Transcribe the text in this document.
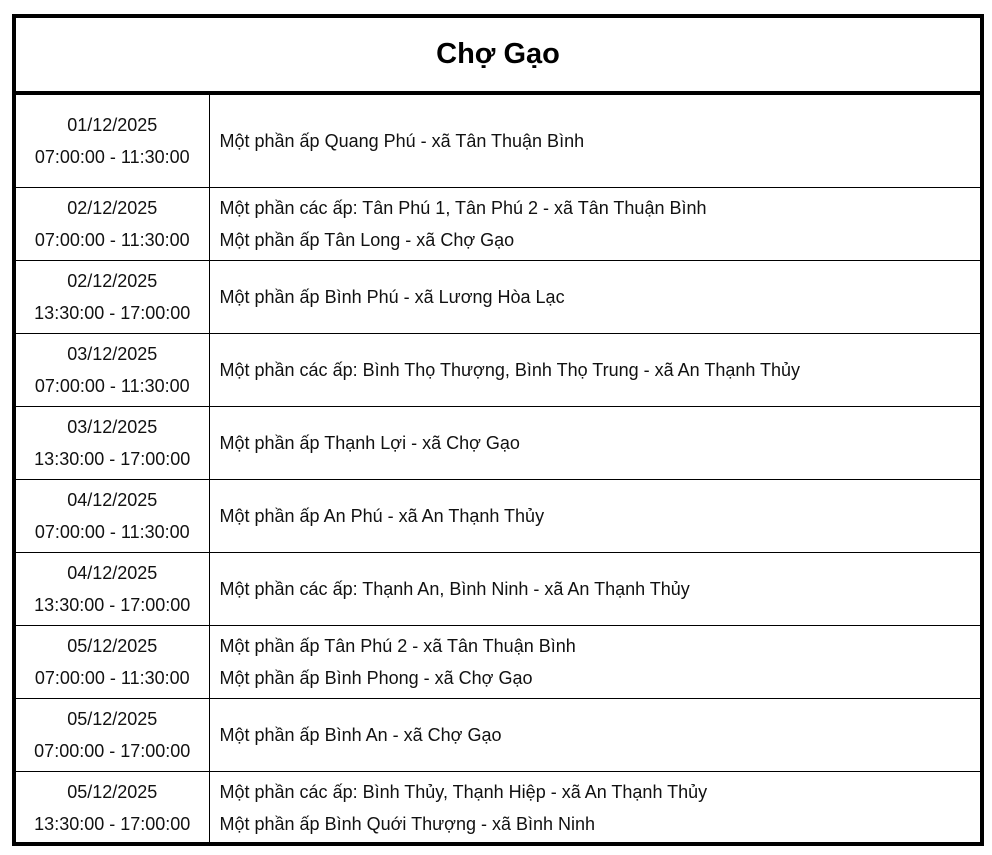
Chợ Gạo
01/12/2025
07:00:00 - 11:30:00	Một phần ấp Quang Phú - xã Tân Thuận Bình

02/12/2025
07:00:00 - 11:30:00	Một phần các ấp: Tân Phú 1, Tân Phú 2 - xã Tân Thuận Bình
Một phần ấp Tân Long - xã Chợ Gạo

02/12/2025
13:30:00 - 17:00:00	Một phần ấp Bình Phú - xã Lương Hòa Lạc

03/12/2025
07:00:00 - 11:30:00	Một phần các ấp: Bình Thọ Thượng, Bình Thọ Trung - xã An Thạnh Thủy

03/12/2025
13:30:00 - 17:00:00	Một phần ấp Thạnh Lợi - xã Chợ Gạo

04/12/2025
07:00:00 - 11:30:00	Một phần ấp An Phú - xã An Thạnh Thủy

04/12/2025
13:30:00 - 17:00:00	Một phần các ấp: Thạnh An, Bình Ninh - xã An Thạnh Thủy

05/12/2025
07:00:00 - 11:30:00	Một phần ấp Tân Phú 2 - xã Tân Thuận Bình
Một phần ấp Bình Phong - xã Chợ Gạo

05/12/2025
07:00:00 - 17:00:00	Một phần ấp Bình An - xã Chợ Gạo

05/12/2025
13:30:00 - 17:00:00	Một phần các ấp: Bình Thủy, Thạnh Hiệp - xã An Thạnh Thủy
Một phần ấp Bình Quới Thượng - xã Bình Ninh
